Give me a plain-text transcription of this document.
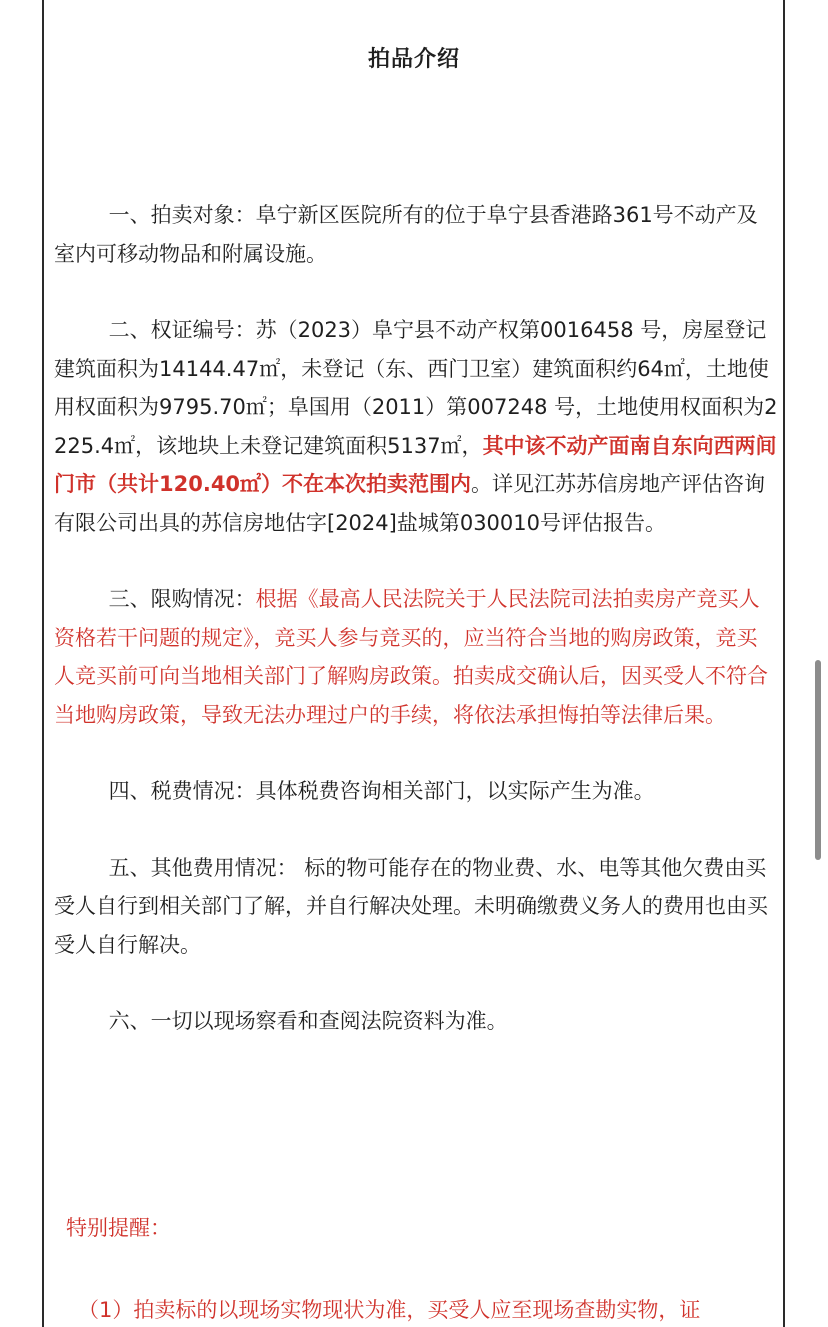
拍品介绍

一、拍卖对象：阜宁新区医院所有的位于阜宁县香港路361号不动产及室内可移动物品和附属设施。

二、权证编号：苏（2023）阜宁县不动产权第0016458 号，房屋登记建筑面积为14144.47㎡，未登记（东、西门卫室）建筑面积约64㎡，土地使用权面积为9795.70㎡；阜国用（2011）第007248 号，土地使用权面积为2225.4㎡，该地块上未登记建筑面积5137㎡，其中该不动产面南自东向西两间门市（共计120.40㎡）不在本次拍卖范围内。详见江苏苏信房地产评估咨询有限公司出具的苏信房地估字[2024]盐城第030010号评估报告。

三、限购情况：根据《最高人民法院关于人民法院司法拍卖房产竞买人资格若干问题的规定》，竞买人参与竞买的，应当符合当地的购房政策，竞买人竞买前可向当地相关部门了解购房政策。拍卖成交确认后，因买受人不符合当地购房政策，导致无法办理过户的手续，将依法承担悔拍等法律后果。

四、税费情况：具体税费咨询相关部门，以实际产生为准。

五、其他费用情况： 标的物可能存在的物业费、水、电等其他欠费由买受人自行到相关部门了解，并自行解决处理。未明确缴费义务人的费用也由买受人自行解决。

六、一切以现场察看和查阅法院资料为准。

特别提醒：
（1）拍卖标的以现场实物现状为准，买受人应至现场查勘实物，证
